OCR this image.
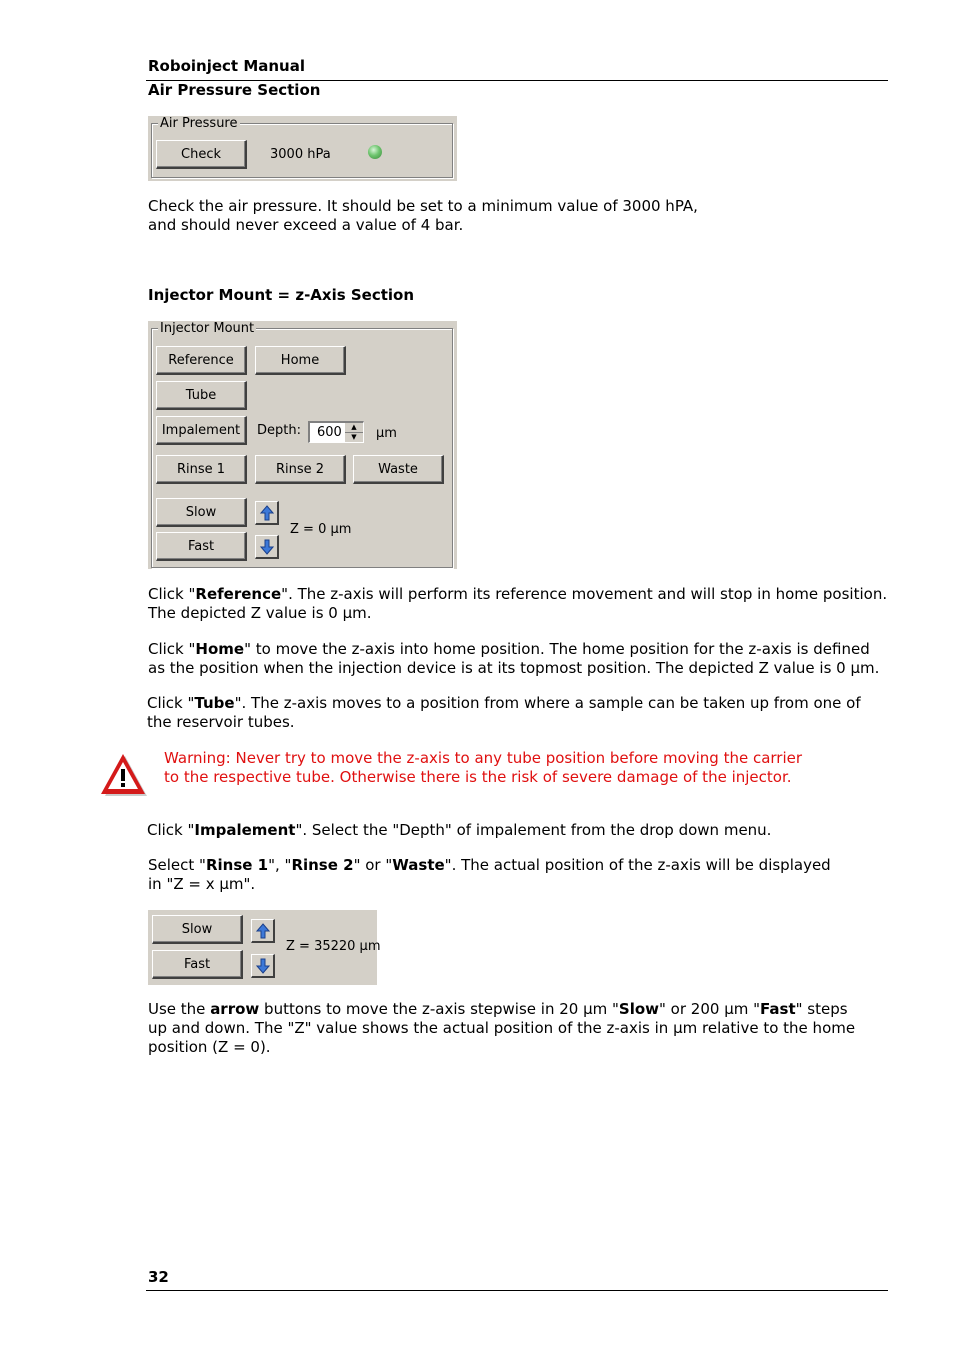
Roboinject Manual
Air Pressure Section
Air Pressure
Check	3000 hPa
Check the air pressure. It should be set to a minimum value of 3000 hPA,
and should never exceed a value of 4 bar.
Injector Mount = z-Axis Section
Injector Mount
Reference	Home
Tube
Impalement	Depth: 600	▲
▼	µm
Rinse 1	Rinse 2	Waste
Slow
Fast
Z = 0 µm
Click "Reference". The z-axis will perform its reference movement and will stop in home position.
The depicted Z value is 0 µm.
Click "Home" to move the z-axis into home position. The home position for the z-axis is defined
as the position when the injection device is at its topmost position. The depicted Z value is 0 µm.
Click "Tube". The z-axis moves to a position from where a sample can be taken up from one of
the reservoir tubes.
Warning: Never try to move the z-axis to any tube position before moving the carrier
to the respective tube. Otherwise there is the risk of severe damage of the injector.
Click "Impalement". Select the "Depth" of impalement from the drop down menu.
Select "Rinse 1", "Rinse 2" or "Waste". The actual position of the z-axis will be displayed
in "Z = x µm".
Slow
Fast
Z = 35220 µm
Use the arrow buttons to move the z-axis stepwise in 20 µm "Slow" or 200 µm "Fast" steps
up and down. The "Z" value shows the actual position of the z-axis in µm relative to the home
position (Z = 0).
32
